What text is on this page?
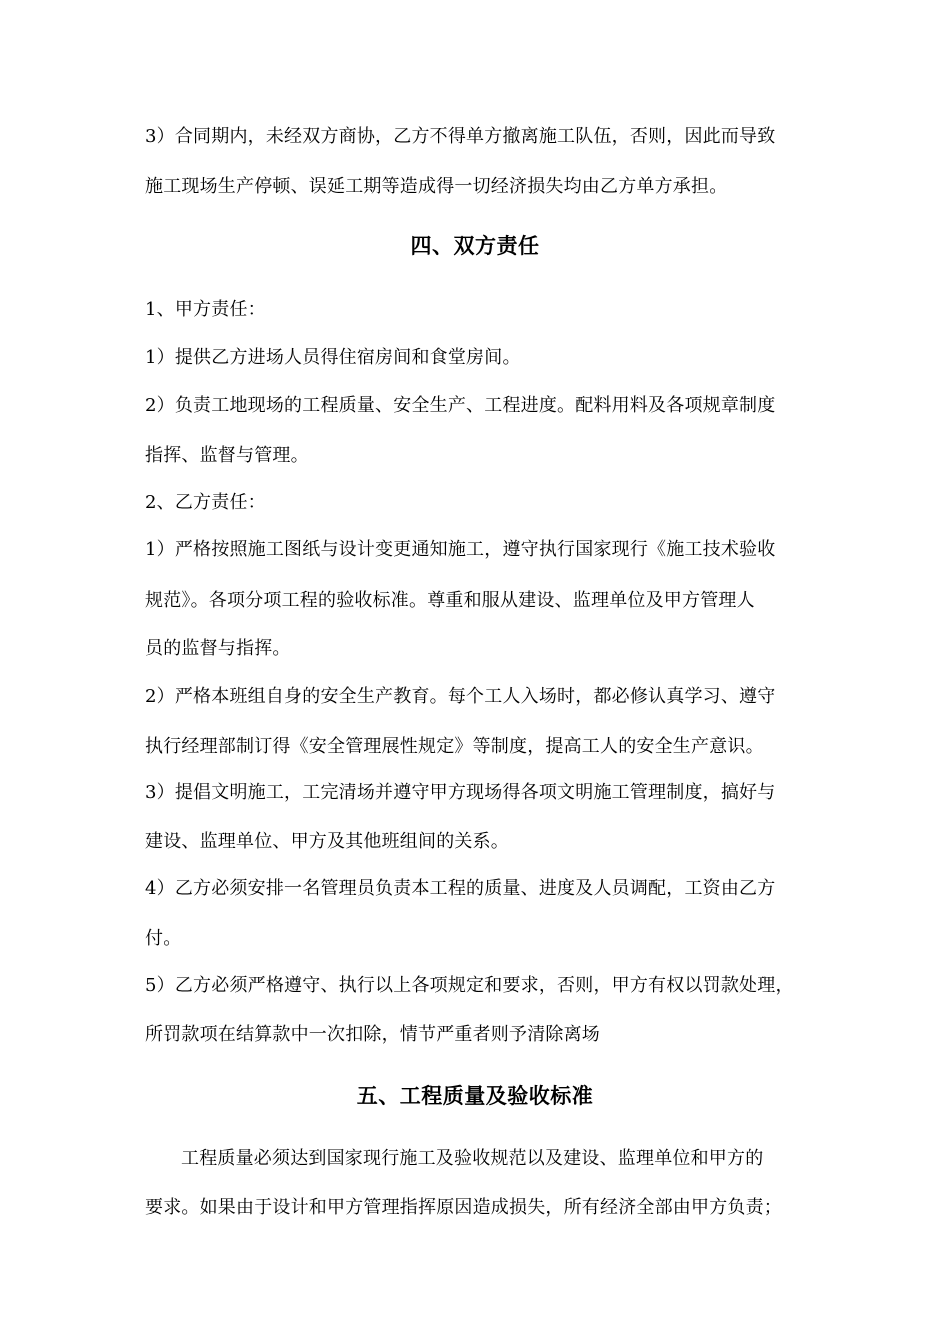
3）合同期内，未经双方商协，乙方不得单方撤离施工队伍，否则，因此而导致
施工现场生产停顿、误延工期等造成得一切经济损失均由乙方单方承担。
四、双方责任
1、甲方责任：
1）提供乙方进场人员得住宿房间和食堂房间。
2）负责工地现场的工程质量、安全生产、工程进度。配料用料及各项规章制度
指挥、监督与管理。
2、乙方责任：
1）严格按照施工图纸与设计变更通知施工，遵守执行国家现行《施工技术验收
规范》。各项分项工程的验收标准。尊重和服从建设、监理单位及甲方管理人
员的监督与指挥。
2）严格本班组自身的安全生产教育。每个工人入场时，都必修认真学习、遵守
执行经理部制订得《安全管理展性规定》等制度，提高工人的安全生产意识。
3）提倡文明施工，工完清场并遵守甲方现场得各项文明施工管理制度，搞好与
建设、监理单位、甲方及其他班组间的关系。
4）乙方必须安排一名管理员负责本工程的质量、进度及人员调配，工资由乙方
付。
5）乙方必须严格遵守、执行以上各项规定和要求，否则，甲方有权以罚款处理，
所罚款项在结算款中一次扣除，情节严重者则予清除离场
五、工程质量及验收标准
工程质量必须达到国家现行施工及验收规范以及建设、监理单位和甲方的
要求。如果由于设计和甲方管理指挥原因造成损失，所有经济全部由甲方负责；
